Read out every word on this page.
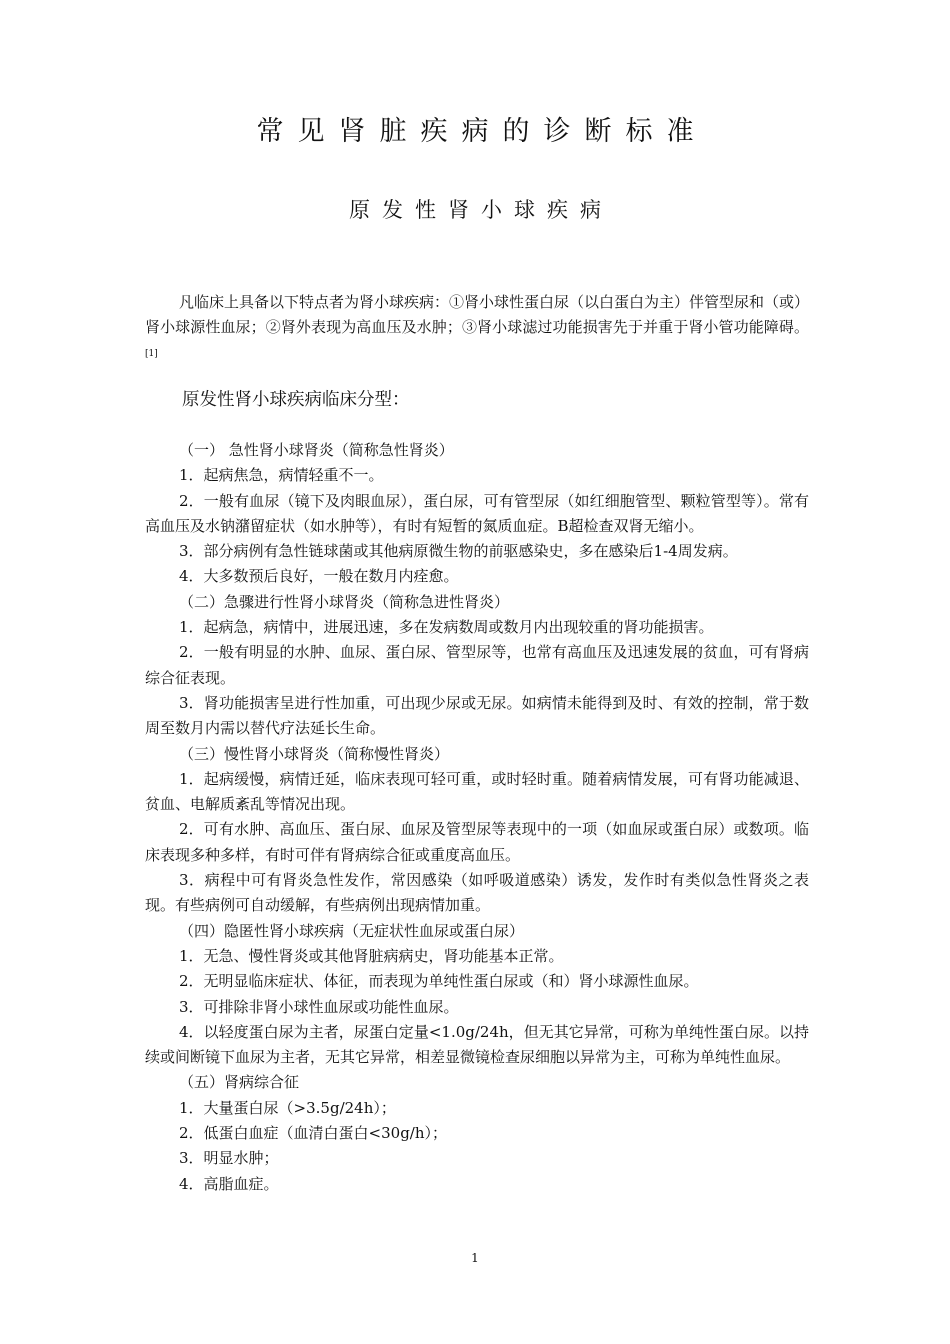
常见肾脏疾病的诊断标准
原发性肾小球疾病

凡临床上具备以下特点者为肾小球疾病：①肾小球性蛋白尿（以白蛋白为主）伴管型尿和（或）肾小球源性血尿；②肾外表现为高血压及水肿；③肾小球滤过功能损害先于并重于肾小管功能障碍。[1]

原发性肾小球疾病临床分型：

（一） 急性肾小球肾炎（简称急性肾炎）

1．起病焦急，病情轻重不一。

2．一般有血尿（镜下及肉眼血尿），蛋白尿，可有管型尿（如红细胞管型、颗粒管型等）。常有高血压及水钠潴留症状（如水肿等），有时有短暂的氮质血症。B超检查双肾无缩小。

3．部分病例有急性链球菌或其他病原微生物的前驱感染史，多在感染后1-4周发病。

4．大多数预后良好，一般在数月内痊愈。

（二）急骤进行性肾小球肾炎（简称急进性肾炎）

1．起病急，病情中，进展迅速，多在发病数周或数月内出现较重的肾功能损害。

2．一般有明显的水肿、血尿、蛋白尿、管型尿等，也常有高血压及迅速发展的贫血，可有肾病综合征表现。

3．肾功能损害呈进行性加重，可出现少尿或无尿。如病情未能得到及时、有效的控制，常于数周至数月内需以替代疗法延长生命。

（三）慢性肾小球肾炎（简称慢性肾炎）

1．起病缓慢，病情迁延，临床表现可轻可重，或时轻时重。随着病情发展，可有肾功能减退、贫血、电解质紊乱等情况出现。

2．可有水肿、高血压、蛋白尿、血尿及管型尿等表现中的一项（如血尿或蛋白尿）或数项。临床表现多种多样，有时可伴有肾病综合征或重度高血压。

3．病程中可有肾炎急性发作，常因感染（如呼吸道感染）诱发，发作时有类似急性肾炎之表现。有些病例可自动缓解，有些病例出现病情加重。

（四）隐匿性肾小球疾病（无症状性血尿或蛋白尿）

1．无急、慢性肾炎或其他肾脏病病史，肾功能基本正常。

2．无明显临床症状、体征，而表现为单纯性蛋白尿或（和）肾小球源性血尿。

3．可排除非肾小球性血尿或功能性血尿。

4．以轻度蛋白尿为主者，尿蛋白定量<1.0g/24h，但无其它异常，可称为单纯性蛋白尿。以持续或间断镜下血尿为主者，无其它异常，相差显微镜检查尿细胞以异常为主，可称为单纯性血尿。

（五）肾病综合征

1．大量蛋白尿（>3.5g/24h）；

2．低蛋白血症（血清白蛋白<30g/h）；

3．明显水肿；

4．高脂血症。

1
